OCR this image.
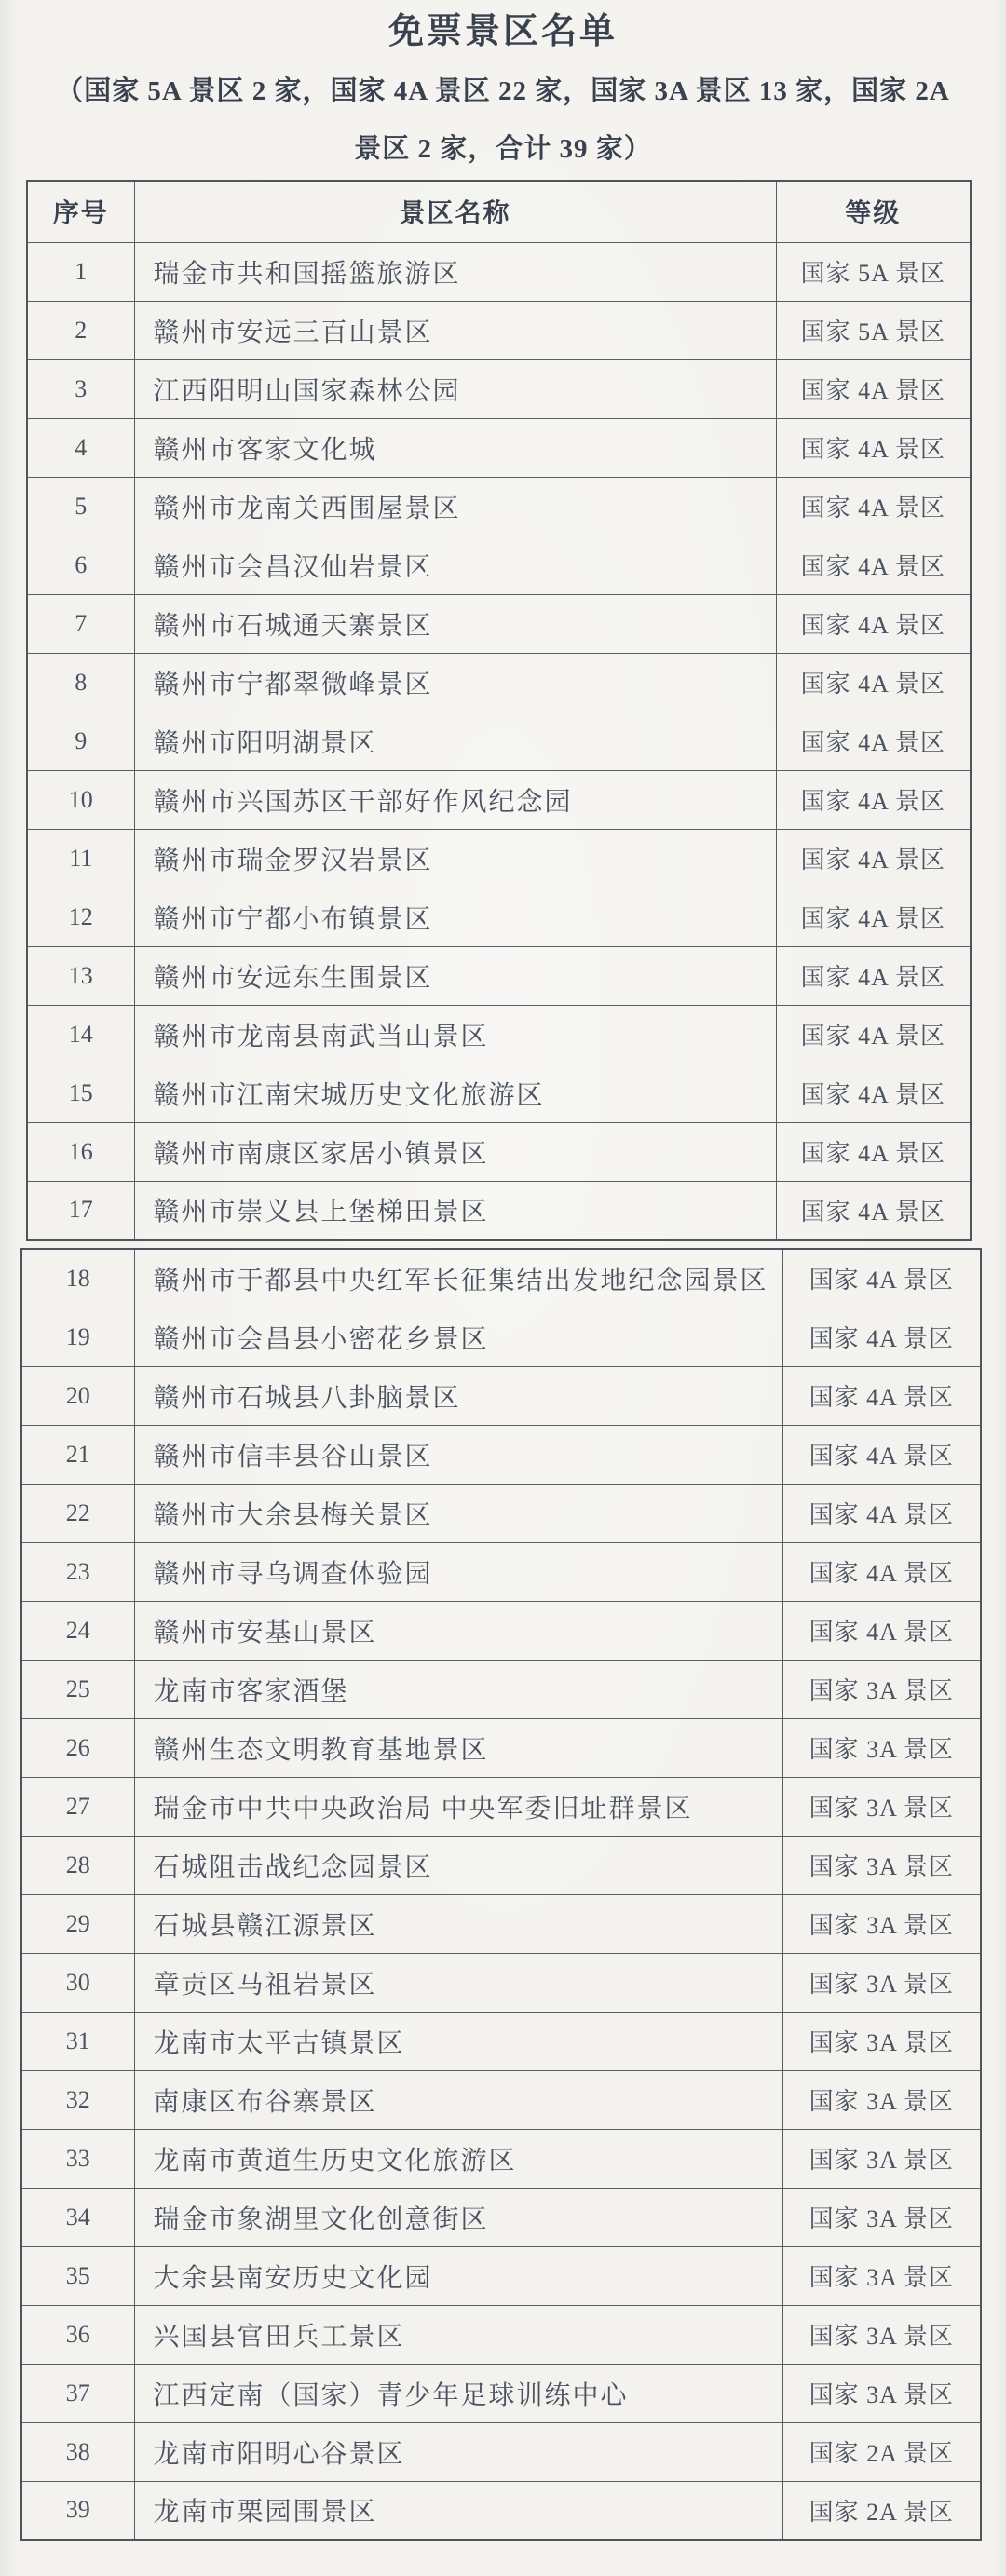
免票景区名单
（国家 5A 景区 2 家，国家 4A 景区 22 家，国家 3A 景区 13 家，国家 2A
景区 2 家，合计 39 家）
序号	景区名称	等级
1	瑞金市共和国摇篮旅游区	国家 5A 景区
2	赣州市安远三百山景区	国家 5A 景区
3	江西阳明山国家森林公园	国家 4A 景区
4	赣州市客家文化城	国家 4A 景区
5	赣州市龙南关西围屋景区	国家 4A 景区
6	赣州市会昌汉仙岩景区	国家 4A 景区
7	赣州市石城通天寨景区	国家 4A 景区
8	赣州市宁都翠微峰景区	国家 4A 景区
9	赣州市阳明湖景区	国家 4A 景区
10	赣州市兴国苏区干部好作风纪念园	国家 4A 景区
11	赣州市瑞金罗汉岩景区	国家 4A 景区
12	赣州市宁都小布镇景区	国家 4A 景区
13	赣州市安远东生围景区	国家 4A 景区
14	赣州市龙南县南武当山景区	国家 4A 景区
15	赣州市江南宋城历史文化旅游区	国家 4A 景区
16	赣州市南康区家居小镇景区	国家 4A 景区
17	赣州市崇义县上堡梯田景区	国家 4A 景区
18	赣州市于都县中央红军长征集结出发地纪念园景区	国家 4A 景区
19	赣州市会昌县小密花乡景区	国家 4A 景区
20	赣州市石城县八卦脑景区	国家 4A 景区
21	赣州市信丰县谷山景区	国家 4A 景区
22	赣州市大余县梅关景区	国家 4A 景区
23	赣州市寻乌调查体验园	国家 4A 景区
24	赣州市安基山景区	国家 4A 景区
25	龙南市客家酒堡	国家 3A 景区
26	赣州生态文明教育基地景区	国家 3A 景区
27	瑞金市中共中央政治局 中央军委旧址群景区	国家 3A 景区
28	石城阻击战纪念园景区	国家 3A 景区
29	石城县赣江源景区	国家 3A 景区
30	章贡区马祖岩景区	国家 3A 景区
31	龙南市太平古镇景区	国家 3A 景区
32	南康区布谷寨景区	国家 3A 景区
33	龙南市黄道生历史文化旅游区	国家 3A 景区
34	瑞金市象湖里文化创意街区	国家 3A 景区
35	大余县南安历史文化园	国家 3A 景区
36	兴国县官田兵工景区	国家 3A 景区
37	江西定南（国家）青少年足球训练中心	国家 3A 景区
38	龙南市阳明心谷景区	国家 2A 景区
39	龙南市栗园围景区	国家 2A 景区
